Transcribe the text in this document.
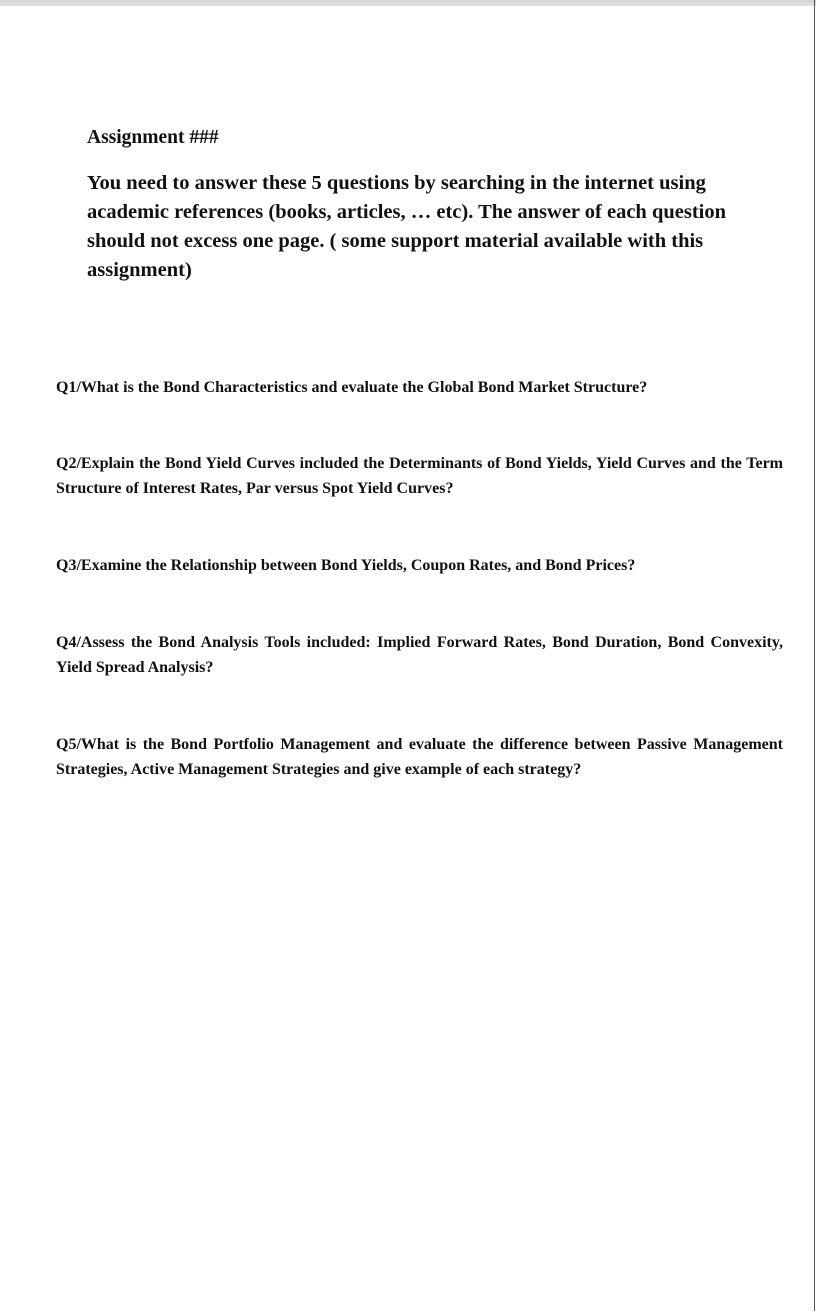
Assignment ###
You need to answer these 5 questions by searching in the internet using academic references (books, articles, … etc). The answer of each question should not excess one page. ( some support material available with this assignment)
Q1/What is the Bond Characteristics and evaluate the Global Bond Market Structure?
Q2/Explain the Bond Yield Curves included the Determinants of Bond Yields, Yield Curves and the Term Structure of Interest Rates, Par versus Spot Yield Curves?
Q3/Examine the Relationship between Bond Yields, Coupon Rates, and Bond Prices?
Q4/Assess the Bond Analysis Tools included: Implied Forward Rates, Bond Duration, Bond Convexity, Yield Spread Analysis?
Q5/What is the Bond Portfolio Management and evaluate the difference between Passive Management Strategies, Active Management Strategies and give example of each strategy?
